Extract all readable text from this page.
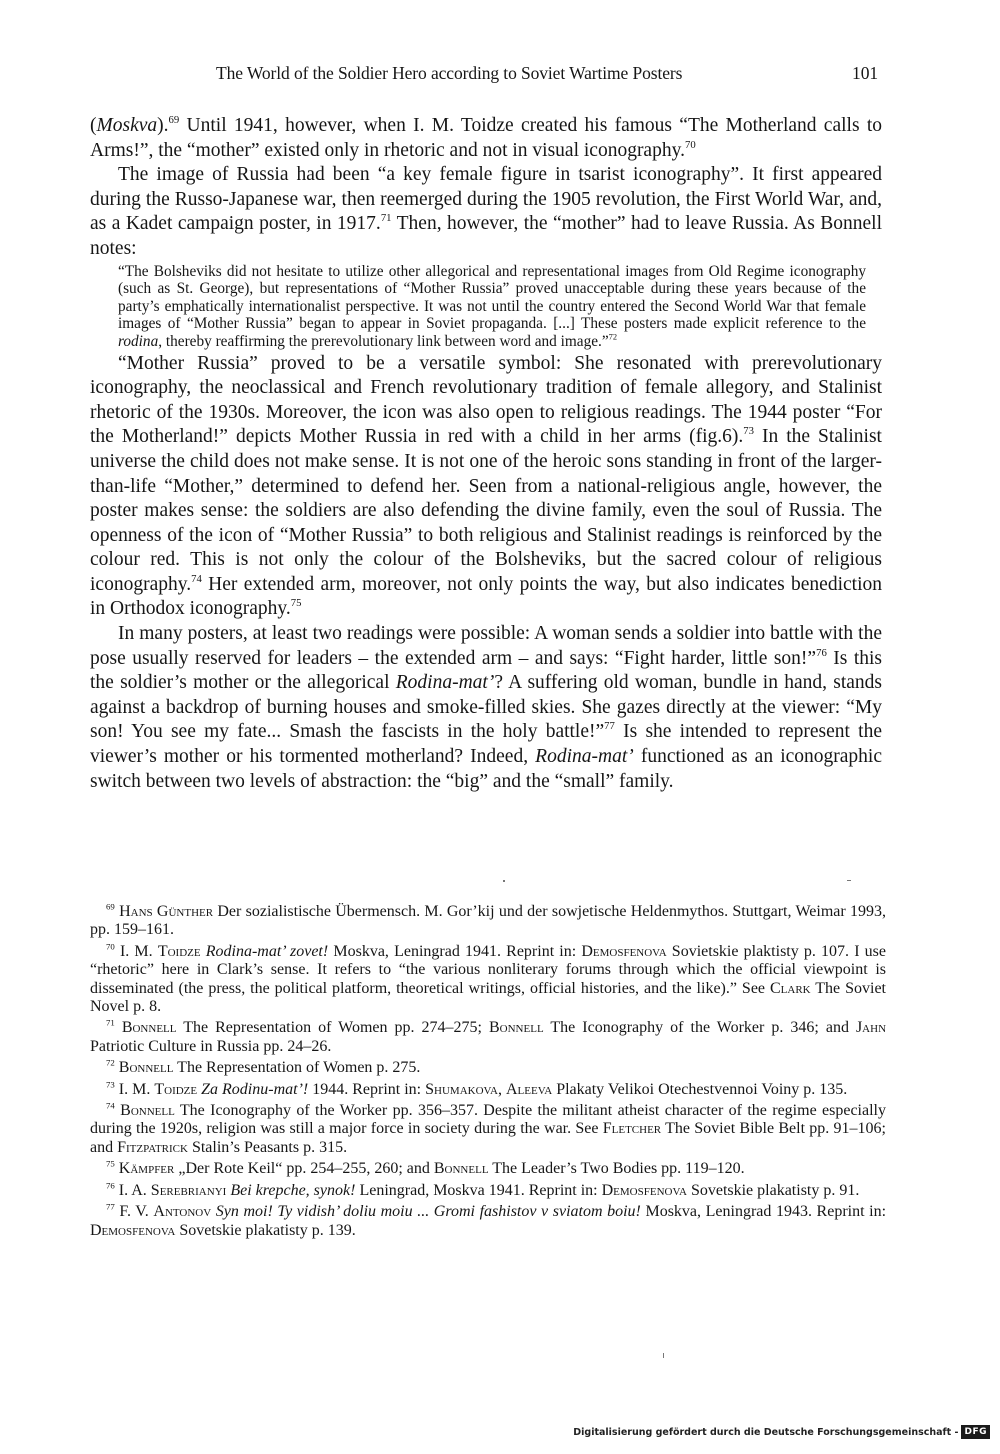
The World of the Soldier Hero according to Soviet Wartime Posters	101

(Moskva).$^{69}$ Until 1941, however, when I. M. Toidze created his famous “The Motherland calls to Arms!”, the “mother” existed only in rhetoric and not in visual iconography.$^{70}$

The image of Russia had been “a key female figure in tsarist iconography”. It first appeared during the Russo-Japanese war, then reemerged during the 1905 revolution, the First World War, and, as a Kadet campaign poster, in 1917.71 Then, however, the “mother” had to leave Russia. As Bonnell notes:

“The Bolsheviks did not hesitate to utilize other allegorical and representational images from Old Regime iconography (such as St. George), but representations of “Mother Russia” proved unacceptable during these years because of the party’s emphatically internationalist perspective. It was not until the country entered the Second World War that female images of “Mother Russia” began to appear in Soviet propaganda. [...] These posters made explicit reference to the rodina, thereby reaffirming the prerevolutionary link between word and image.”$^{72}$

“Mother Russia” proved to be a versatile symbol: She resonated with prerevolutionary iconography, the neoclassical and French revolutionary tradition of female allegory, and Stalinist rhetoric of the 1930s. Moreover, the icon was also open to religious readings. The 1944 poster “For the Motherland!” depicts Mother Russia in red with a child in her arms (fig.6).$^{73}$ In the Stalinist universe the child does not make sense. It is not one of the heroic sons standing in front of the larger-than-life “Mother,” determined to defend her. Seen from a national-religious angle, however, the poster makes sense: the soldiers are also defending the divine family, even the soul of Russia. The openness of the icon of “Mother Russia” to both religious and Stalinist readings is reinforced by the colour red. This is not only the colour of the Bolsheviks, but the sacred colour of religious iconography.$^{74}$ Her extended arm, moreover, not only points the way, but also indicates benediction in Orthodox iconography.$^{75}$

In many posters, at least two readings were possible: A woman sends a soldier into battle with the pose usually reserved for leaders – the extended arm – and says: “Fight harder, little son!”$^{76}$ Is this the soldier’s mother or the allegorical Rodina-mat’? A suffering old woman, bundle in hand, stands against a backdrop of burning houses and smoke-filled skies. She gazes directly at the viewer: “My son! You see my fate... Smash the fascists in the holy battle!”$^{77}$ Is she intended to represent the viewer’s mother or his tormented motherland? Indeed, Rodina-mat’ functioned as an iconographic switch between two levels of abstraction: the “big” and the “small” family.

$^{69}$ Hans Günther Der sozialistische Übermensch. M. Gor’kij und der sowjetische Heldenmythos. Stuttgart, Weimar 1993, pp. 159–161.

$^{70}$ I. M. Toidze Rodina-mat’ zovet! Moskva, Leningrad 1941. Reprint in: Demosfenova Sovietskie plaktisty p. 107. I use “rhetoric” here in Clark’s sense. It refers to “the various nonliterary forums through which the official viewpoint is disseminated (the press, the political platform, theoretical writings, official histories, and the like).” See Clark The Soviet Novel p. 8.

$^{71}$ Bonnell The Representation of Women pp. 274–275; Bonnell The Iconography of the Worker p. 346; and Jahn Patriotic Culture in Russia pp. 24–26.

$^{72}$ Bonnell The Representation of Women p. 275.

$^{73}$ I. M. Toidze Za Rodinu-mat’! 1944. Reprint in: Shumakova, Aleeva Plakaty Velikoi Otechestvennoi Voiny p. 135.

$^{74}$ Bonnell The Iconography of the Worker pp. 356–357. Despite the militant atheist character of the regime especially during the 1920s, religion was still a major force in society during the war. See Fletcher The Soviet Bible Belt pp. 91–106; and Fitzpatrick Stalin’s Peasants p. 315.

$^{75}$ Kämpfer „Der Rote Keil“ pp. 254–255, 260; and Bonnell The Leader’s Two Bodies pp. 119–120.

$^{76}$ I. A. Serebrianyi Bei krepche, synok! Leningrad, Moskva 1941. Reprint in: Demosfenova Sovetskie plakatisty p. 91.

$^{77}$ F. V. Antonov Syn moi! Ty vidish’ doliu moiu ... Gromi fashistov v sviatom boiu! Moskva, Leningrad 1943. Reprint in: Demosfenova Sovetskie plakatisty p. 139.

Digitalisierung gefördert durch die Deutsche Forschungsgemeinschaft - DFG
